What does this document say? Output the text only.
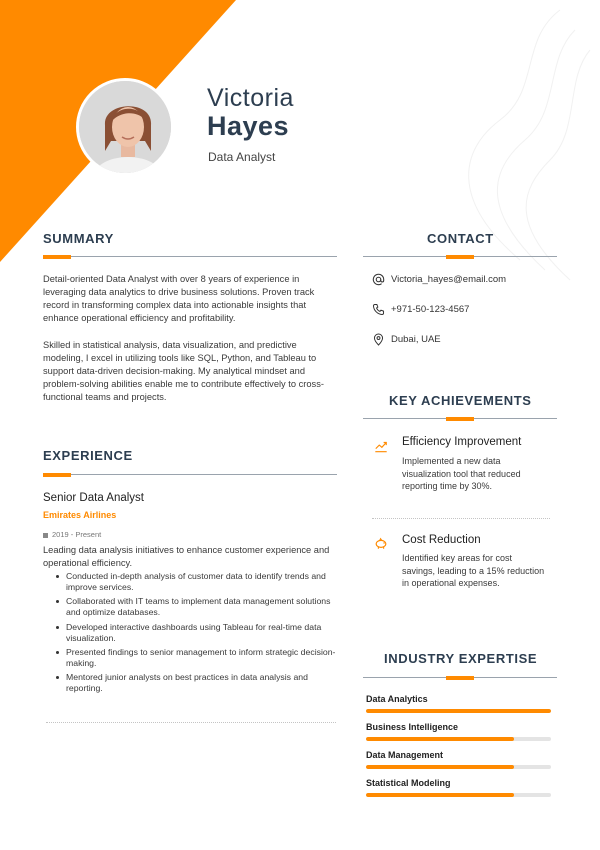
Victoria
Hayes
Data Analyst
SUMMARY
Detail-oriented Data Analyst with over 8 years of experience in leveraging data analytics to drive business solutions. Proven track record in transforming complex data into actionable insights that enhance operational efficiency and profitability.
Skilled in statistical analysis, data visualization, and predictive modeling, I excel in utilizing tools like SQL, Python, and Tableau to support data-driven decision-making. My analytical mindset and problem-solving abilities enable me to contribute effectively to cross-functional teams and projects.
EXPERIENCE
Senior Data Analyst
Emirates Airlines
2019 - Present
Leading data analysis initiatives to enhance customer experience and operational efficiency.
Conducted in-depth analysis of customer data to identify trends and improve services.
Collaborated with IT teams to implement data management solutions and optimize databases.
Developed interactive dashboards using Tableau for real-time data visualization.
Presented findings to senior management to inform strategic decision-making.
Mentored junior analysts on best practices in data analysis and reporting.
CONTACT
Victoria_hayes@email.com
+971-50-123-4567
Dubai, UAE
KEY ACHIEVEMENTS
Efficiency Improvement
Implemented a new data visualization tool that reduced reporting time by 30%.
Cost Reduction
Identified key areas for cost savings, leading to a 15% reduction in operational expenses.
INDUSTRY EXPERTISE
Data Analytics
Business Intelligence
Data Management
Statistical Modeling
